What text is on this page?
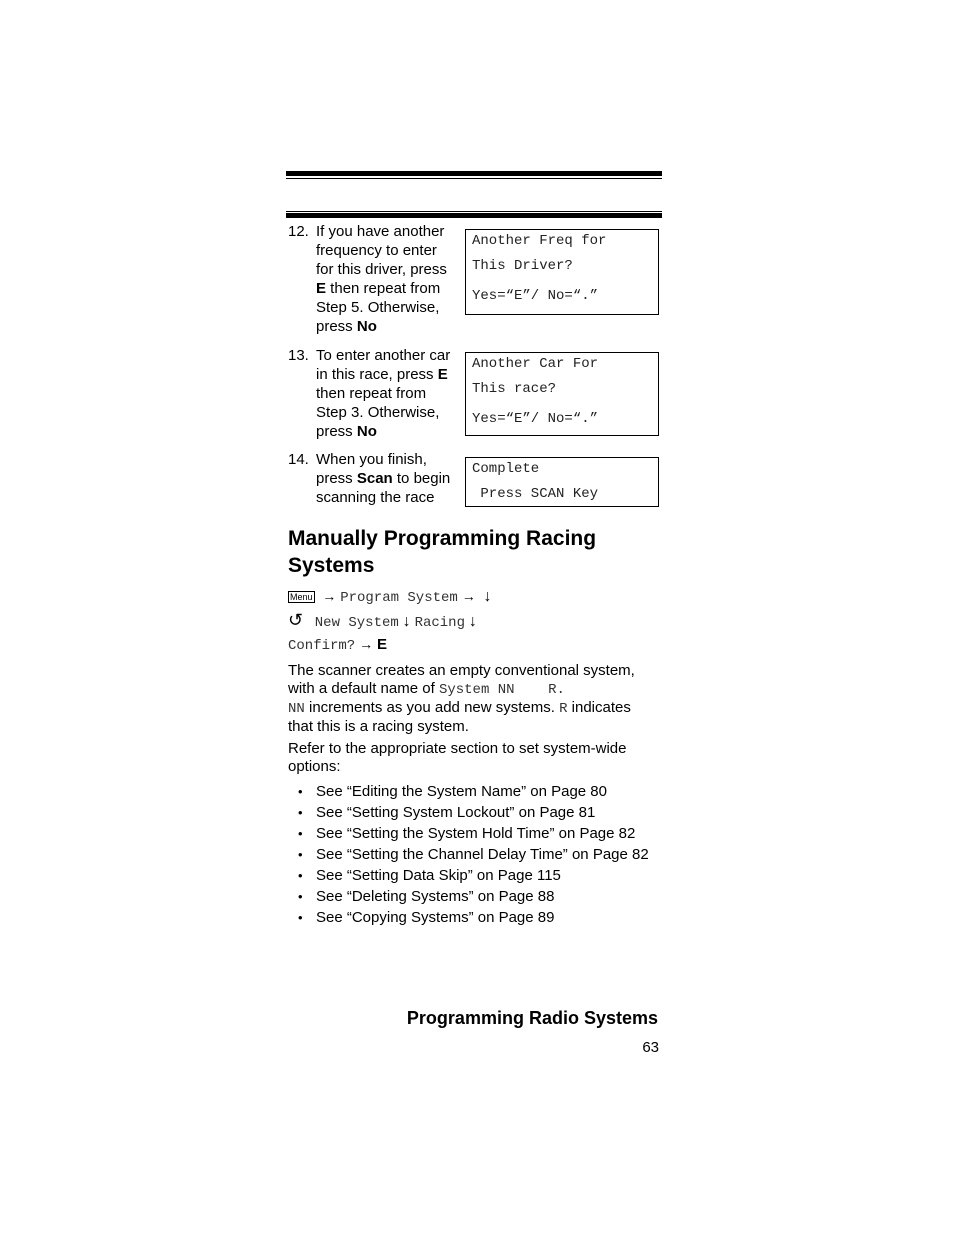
12. If you have another
frequency to enter
for this driver, press
E then repeat from
Step 5. Otherwise,
press No
Another Freq for
This Driver?
Yes=“E”/ No=“.”
13. To enter another car
in this race, press E
then repeat from
Step 3. Otherwise,
press No
Another Car For
This race?
Yes=“E”/ No=“.”
14. When you finish,
press Scan to begin
scanning the race
Complete
Press SCAN Key
Manually Programming Racing
Systems
Menu → Program System → ↓
↺ New System ↓ Racing ↓
Confirm? → E
The scanner creates an empty conventional system,
with a default name of System NN    R.
NN increments as you add new systems. R indicates
that this is a racing system.
Refer to the appropriate section to set system-wide
options:
• See “Editing the System Name” on Page 80
• See “Setting System Lockout” on Page 81
• See “Setting the System Hold Time” on Page 82
• See “Setting the Channel Delay Time” on Page 82
• See “Setting Data Skip” on Page 115
• See “Deleting Systems” on Page 88
• See “Copying Systems” on Page 89
Programming Radio Systems
63
